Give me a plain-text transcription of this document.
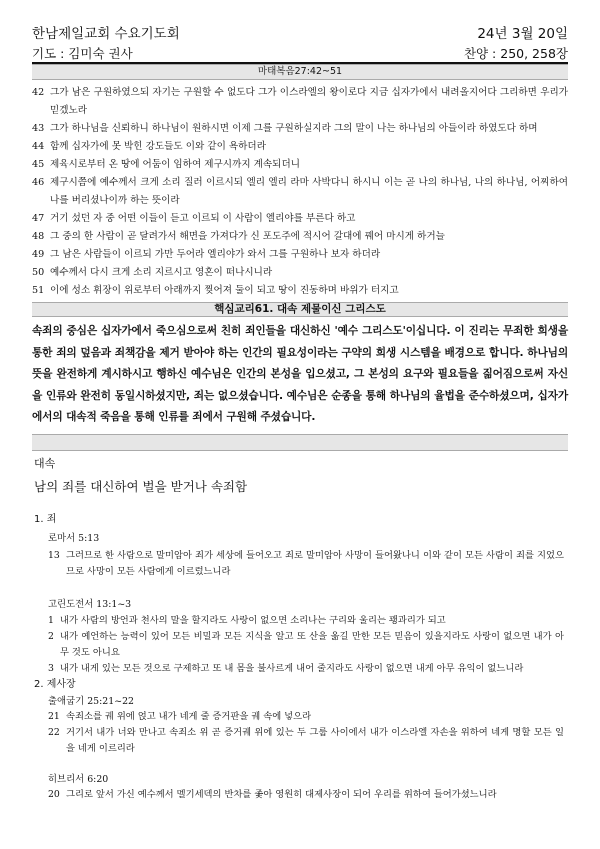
한남제일교회 수요기도회	24년 3월 20일
기도 : 김미숙 권사	찬양 : 250, 258장
마태복음27:42~51
42 그가 남은 구원하였으되 자기는 구원할 수 없도다 그가 이스라엘의 왕이로다 지금 십자가에서 내려올지어다 그리하면 우리가 믿겠노라
43 그가 하나님을 신뢰하니 하나님이 원하시면 이제 그를 구원하실지라 그의 말이 나는 하나님의 아들이라 하였도다 하며
44 함께 십자가에 못 박힌 강도들도 이와 같이 욕하더라
45 제육시로부터 온 땅에 어둠이 임하여 제구시까지 계속되더니
46 제구시쯤에 예수께서 크게 소리 질러 이르시되 엘리 엘리 라마 사박다니 하시니 이는 곧 나의 하나님, 나의 하나님, 어찌하여 나를 버리셨나이까 하는 뜻이라
47 거기 섰던 자 중 어떤 이들이 듣고 이르되 이 사람이 엘리야를 부른다 하고
48 그 중의 한 사람이 곧 달려가서 해면을 가져다가 신 포도주에 적시어 갈대에 꿰어 마시게 하거늘
49 그 남은 사람들이 이르되 가만 두어라 엘리야가 와서 그를 구원하나 보자 하더라
50 예수께서 다시 크게 소리 지르시고 영혼이 떠나시니라
51 이에 성소 휘장이 위로부터 아래까지 찢어져 둘이 되고 땅이 진동하며 바위가 터지고
핵심교리61. 대속 제물이신 그리스도
속죄의 중심은 십자가에서 죽으심으로써 친히 죄인들을 대신하신 '예수 그리스도'이십니다. 이 진리는 무죄한 희생을 통한 죄의 덮음과 죄책감을 제거 받아야 하는 인간의 필요성이라는 구약의 희생 시스템을 배경으로 합니다. 하나님의 뜻을 완전하게 계시하시고 행하신 예수님은 인간의 본성을 입으셨고, 그 본성의 요구와 필요들을 짊어짐으로써 자신을 인류와 완전히 동일시하셨지만, 죄는 없으셨습니다. 예수님은 순종을 통해 하나님의 율법을 준수하셨으며, 십자가에서의 대속적 죽음을 통해 인류를 죄에서 구원해 주셨습니다.
대속
남의 죄를 대신하여 벌을 받거나 속죄함
1. 죄
로마서 5:13
13 그러므로 한 사람으로 말미암아 죄가 세상에 들어오고 죄로 말미암아 사망이 들어왔나니 이와 같이 모든 사람이 죄를 지었으므로 사망이 모든 사람에게 이르렀느니라
고린도전서 13:1~3
1 내가 사람의 방언과 천사의 말을 할지라도 사랑이 없으면 소리나는 구리와 울리는 꽹과리가 되고
2 내가 예언하는 능력이 있어 모든 비밀과 모든 지식을 알고 또 산을 옮길 만한 모든 믿음이 있을지라도 사랑이 없으면 내가 아무 것도 아니요
3 내가 내게 있는 모든 것으로 구제하고 또 내 몸을 불사르게 내어 줄지라도 사랑이 없으면 내게 아무 유익이 없느니라
2. 제사장
출애굽기 25:21~22
21 속죄소를 궤 위에 얹고 내가 네게 줄 증거판을 궤 속에 넣으라
22 거기서 내가 너와 만나고 속죄소 위 곧 증거궤 위에 있는 두 그룹 사이에서 내가 이스라엘 자손을 위하여 네게 명할 모든 일을 네게 이르리라
히브리서 6:20
20 그리로 앞서 가신 예수께서 멜기세덱의 반차를 좇아 영원히 대제사장이 되어 우리를 위하여 들어가셨느니라
